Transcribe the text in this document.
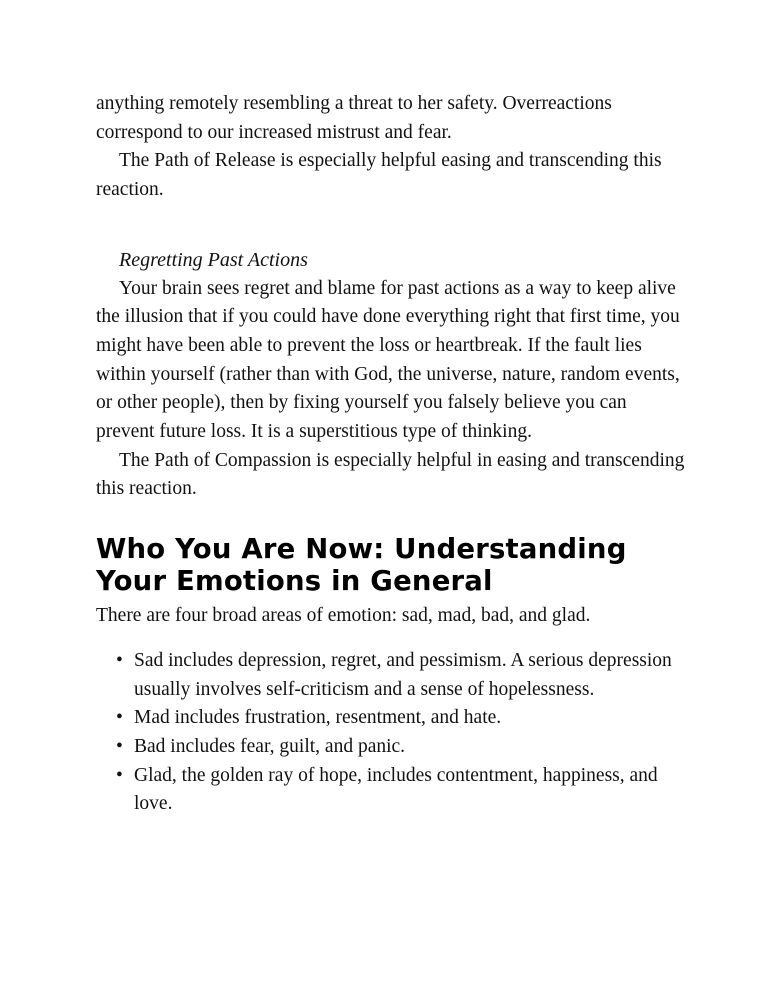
anything remotely resembling a threat to her safety. Overreactions correspond to our increased mistrust and fear.

The Path of Release is especially helpful easing and transcending this reaction.

Regretting Past Actions

Your brain sees regret and blame for past actions as a way to keep alive the illusion that if you could have done everything right that first time, you might have been able to prevent the loss or heartbreak. If the fault lies within yourself (rather than with God, the universe, nature, random events, or other people), then by fixing yourself you falsely believe you can prevent future loss. It is a superstitious type of thinking.

The Path of Compassion is especially helpful in easing and transcending this reaction.

Who You Are Now: Understanding Your Emotions in General

There are four broad areas of emotion: sad, mad, bad, and glad.

• Sad includes depression, regret, and pessimism. A serious depression usually involves self-criticism and a sense of hopelessness.
• Mad includes frustration, resentment, and hate.
• Bad includes fear, guilt, and panic.
• Glad, the golden ray of hope, includes contentment, happiness, and love.
